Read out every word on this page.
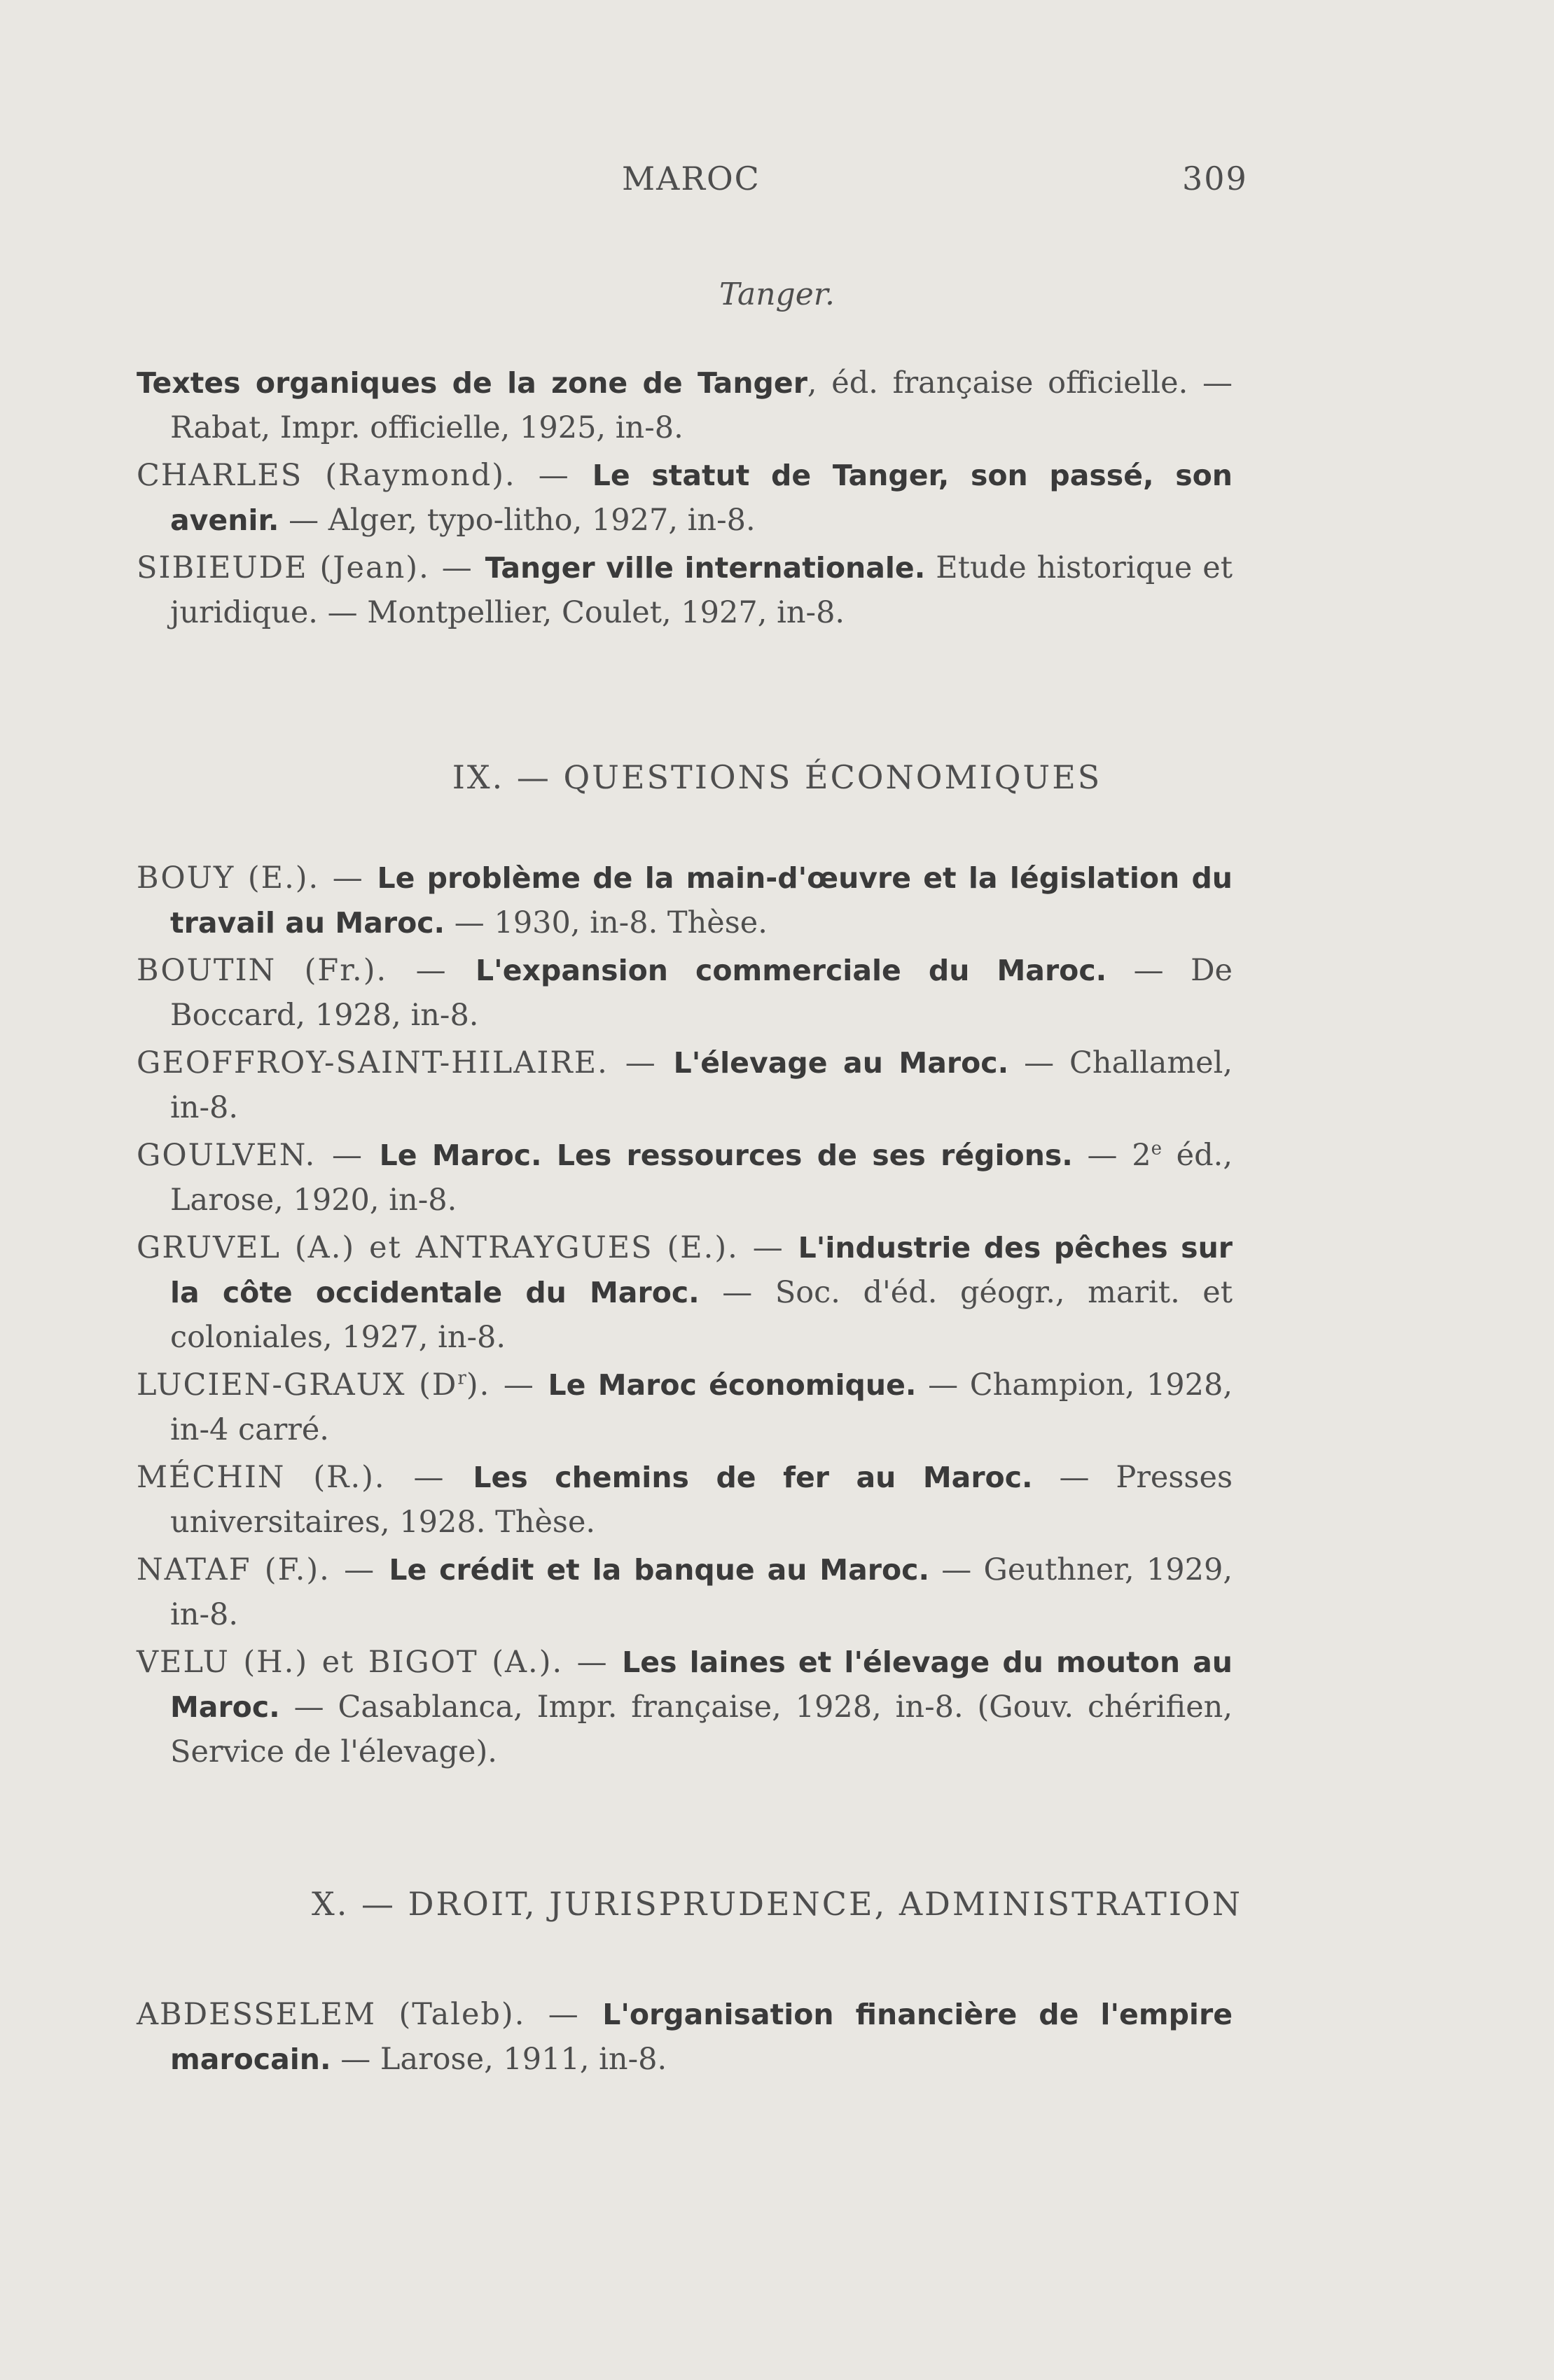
MAROC	309
Tanger.

Textes organiques de la zone de Tanger, éd. française officielle. — Rabat, Impr. officielle, 1925, in-8.

CHARLES (Raymond). — Le statut de Tanger, son passé, son avenir. — Alger, typo-litho, 1927, in-8.

SIBIEUDE (Jean). — Tanger ville internationale. Etude historique et juridique. — Montpellier, Coulet, 1927, in-8.

IX. — QUESTIONS ÉCONOMIQUES

BOUY (E.). — Le problème de la main-d'œuvre et la législation du travail au Maroc. — 1930, in-8. Thèse.

BOUTIN (Fr.). — L'expansion commerciale du Maroc. — De Boccard, 1928, in-8.

GEOFFROY-SAINT-HILAIRE. — L'élevage au Maroc. — Challamel, in-8.

GOULVEN. — Le Maroc. Les ressources de ses régions. — 2e éd., Larose, 1920, in-8.

GRUVEL (A.) et ANTRAYGUES (E.). — L'industrie des pêches sur la côte occidentale du Maroc. — Soc. d'éd. géogr., marit. et coloniales, 1927, in-8.

LUCIEN-GRAUX $(D^r)$. — Le Maroc économique. — Champion, 1928, in-4 carré.

MÉCHIN (R.). — Les chemins de fer au Maroc. — Presses universitaires, 1928. Thèse.

NATAF (F.). — Le crédit et la banque au Maroc. — Geuthner, 1929, in-8.

VELU (H.) et BIGOT (A.). — Les laines et l'élevage du mouton au Maroc. — Casablanca, Impr. française, 1928, in-8. (Gouv. chérifien, Service de l'élevage).

X. — DROIT, JURISPRUDENCE, ADMINISTRATION

ABDESSELEM (Taleb). — L'organisation financière de l'empire marocain. — Larose, 1911, in-8.
